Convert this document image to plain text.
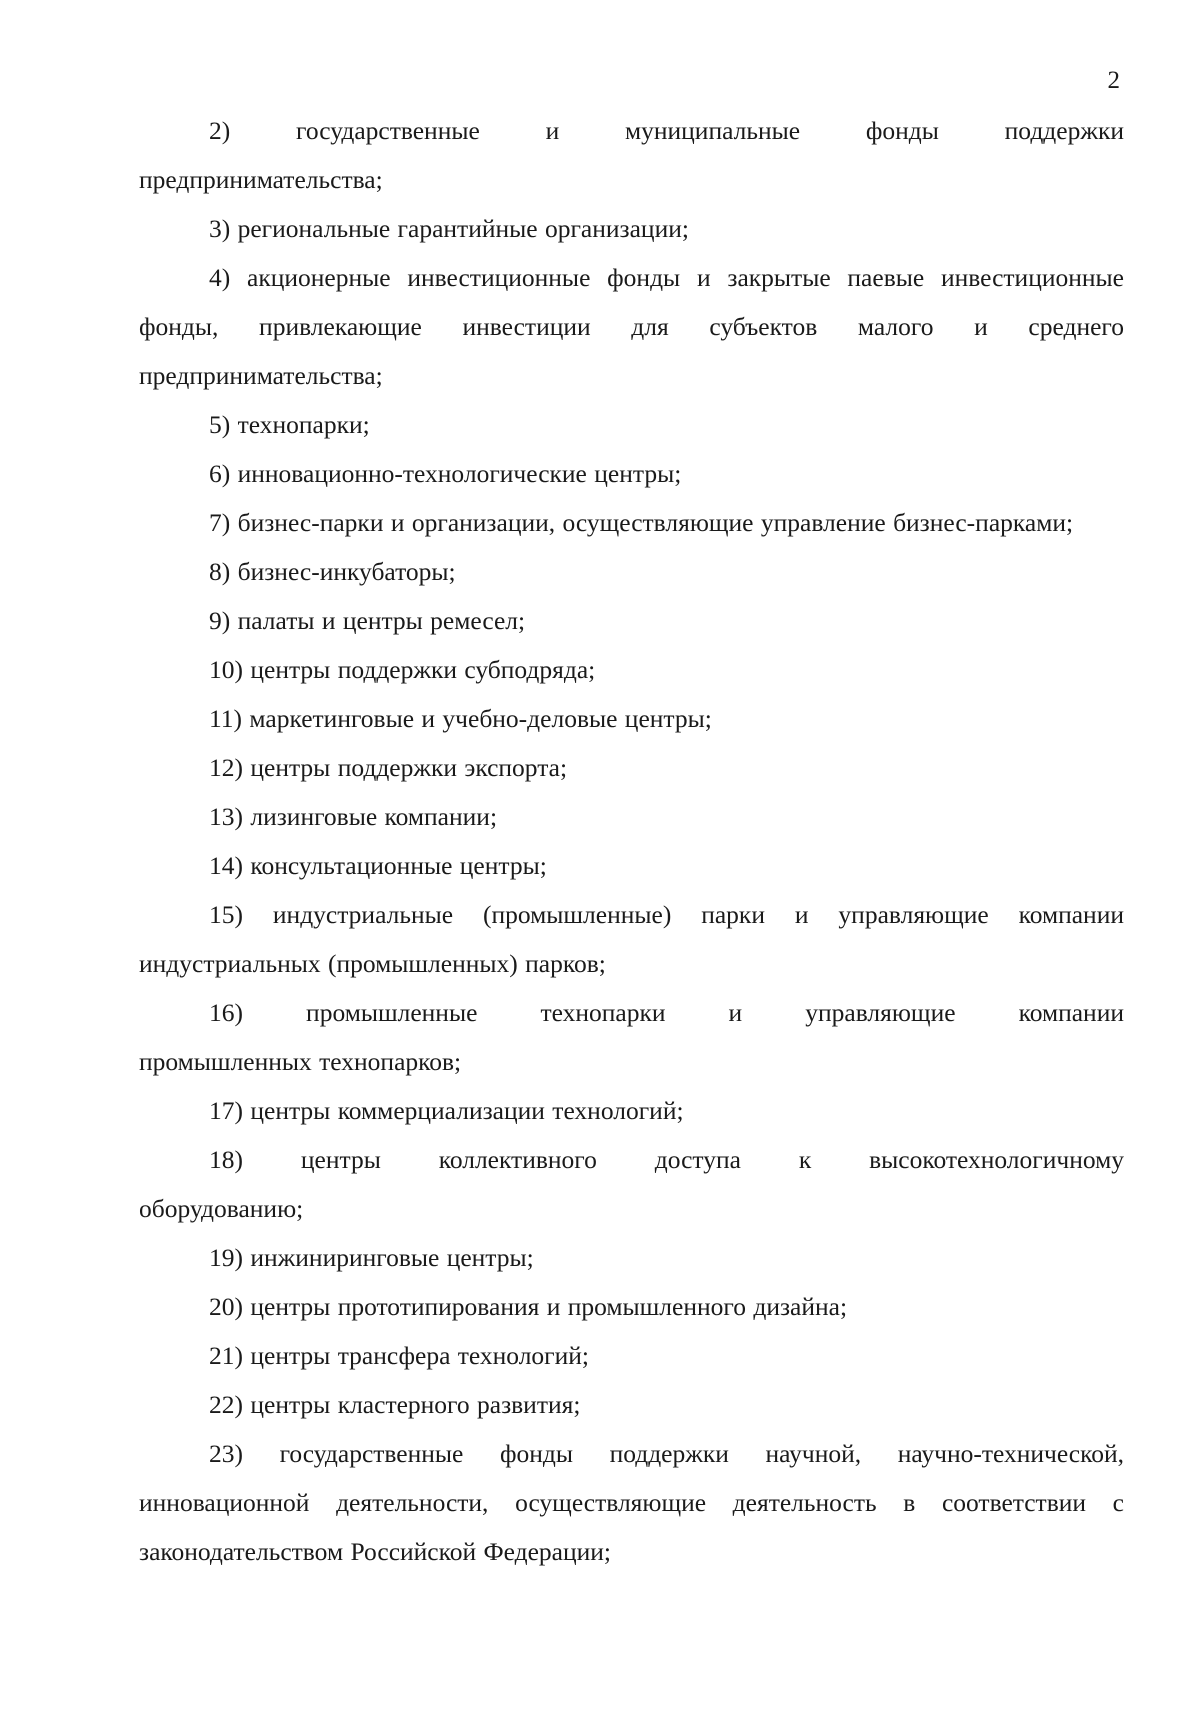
2

2)    государственные    и    муниципальные    фонды    поддержки предпринимательства;

3) региональные гарантийные организации;

4) акционерные инвестиционные фонды и закрытые паевые инвестиционные фонды, привлекающие инвестиции для субъектов малого и среднего предпринимательства;

5) технопарки;

6) инновационно-технологические центры;

7) бизнес-парки и организации, осуществляющие управление бизнес-парками;

8) бизнес-инкубаторы;

9) палаты и центры ремесел;

10) центры поддержки субподряда;

11) маркетинговые и учебно-деловые центры;

12) центры поддержки экспорта;

13) лизинговые компании;

14) консультационные центры;

15) индустриальные (промышленные) парки и управляющие компании индустриальных (промышленных) парков;

16)    промышленные    технопарки    и    управляющие    компании промышленных технопарков;

17) центры коммерциализации технологий;

18)    центры    коллективного    доступа    к    высокотехнологичному оборудованию;

19) инжиниринговые центры;

20) центры прототипирования и промышленного дизайна;

21) центры трансфера технологий;

22) центры кластерного развития;

23) государственные фонды поддержки научной, научно-технической, инновационной деятельности, осуществляющие деятельность в соответствии с законодательством Российской Федерации;
